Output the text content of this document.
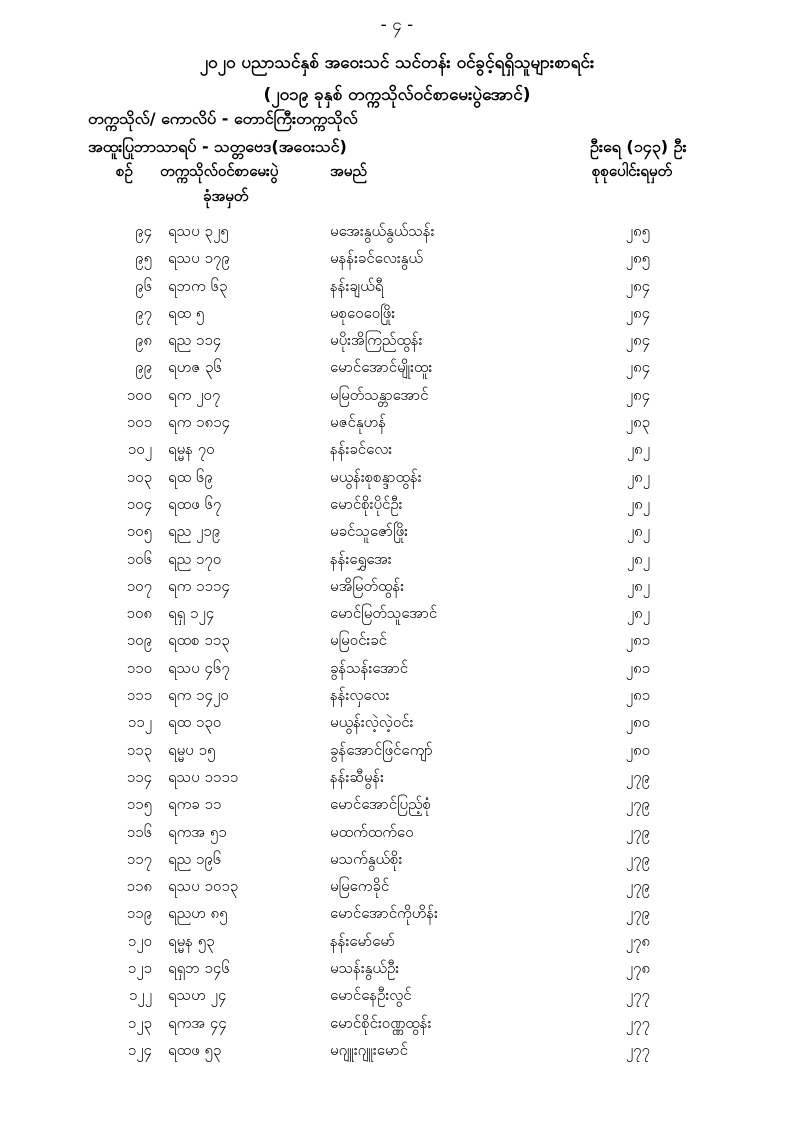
- ၄ -
၂၀၂၀ ပညာသင်နှစ် အဝေးသင် သင်တန်း ဝင်ခွင့်ရရှိသူများစာရင်း
(၂၀၁၉ ခုနှစ် တက္ကသိုလ်ဝင်စာမေးပွဲအောင်)
တက္ကသိုလ်/ ကောလိပ် - တောင်ကြီးတက္ကသိုလ်
အထူးပြုဘာသာရပ် - သတ္တဗေဒ(အဝေးသင်)	ဦးရေ (၁၄၃) ဦး
စဉ် တက္ကသိုလ်ဝင်စာမေးပွဲ
ခုံအမှတ်
အမည်	စုစုပေါင်းရမှတ်
၉၄ ရသပ ၃၂၅	မအေးနွယ်နွယ်သန်း	၂၈၅
၉၅ ရသပ ၁၇၉	မနန်းခင်လေးနွယ်	၂၈၅
၉၆ ရဘက ၆၃	နန်းချယ်ရီ	၂၈၄
၉၇ ရထ ၅	မစုဝေဝေဖြိုး	၂၈၄
၉၈ ရည ၁၁၄	မပိုးအိကြည်ထွန်း	၂၈၄
၉၉ ရဟဇ ၃၆	မောင်အောင်မျိုးထူး	၂၈၄
၁၀၀ ရက ၂၀၇	မမြတ်သန္တာအောင်	၂၈၄
၁၀၁ ရက ၁၈၁၄	မဇင်နုဟန်	၂၈၃
၁၀၂ ရမ္မန ၇၀	နန်းခင်လေး	၂၈၂
၁၀၃ ရထ ၆၉	မယွန်းစုစန္ဒာထွန်း	၂၈၂
၁၀၄ ရထဖ ၆၇	မောင်စိုးပိုင်ဦး	၂၈၂
၁၀၅ ရည ၂၁၉	မခင်သူဇော်ဖြိုး	၂၈၂
၁၀၆ ရည ၁၇၀	နန်းရွှေအေး	၂၈၂
၁၀၇ ရက ၁၁၁၄	မအိမြတ်ထွန်း	၂၈၂
၁၀၈ ရရှ ၁၂၄	မောင်မြတ်သူအောင်	၂၈၂
၁၀၉ ရထစ ၁၁၃	မမြဝင်းခင်	၂၈၁
၁၁၀ ရသပ ၄၆၇	ခွန်သန်းအောင်	၂၈၁
၁၁၁ ရက ၁၄၂၀	နန်းလှလေး	၂၈၁
၁၁၂ ရထ ၁၃၀	မယွန်းလဲ့လဲ့ဝင်း	၂၈၀
၁၁၃ ရမ္မပ ၁၅	ခွန်အောင်ဖြင်ကျော်	၂၈၀
၁၁၄ ရသပ ၁၁၁၁	နန်းဆီမွန်း	၂၇၉
၁၁၅ ရကခ ၁၁	မောင်အောင်ပြည့်စုံ	၂၇၉
၁၁၆ ရကအ ၅၁	မထက်ထက်ဝေ	၂၇၉
၁၁၇ ရည ၁၉၆	မသက်နွယ်စိုး	၂၇၉
၁၁၈ ရသပ ၁၀၁၃	မမြကေခိုင်	၂၇၉
၁၁၉ ရညဟ ၈၅	မောင်အောင်ကိုဟိန်း	၂၇၉
၁၂၀ ရမ္မန ၅၃	နန်းမော်မော်	၂၇၈
၁၂၁ ရရှဘ ၁၄၆	မသန်းနွယ်ဦး	၂၇၈
၁၂၂ ရသဟ ၂၄	မောင်နေဦးလွင်	၂၇၇
၁၂၃ ရကအ ၄၄	မောင်စိုင်းဝဏ္ဏထွန်း	၂၇၇
၁၂၄ ရထဖ ၅၃	မဂျူးဂျူးမောင်	၂၇၇
